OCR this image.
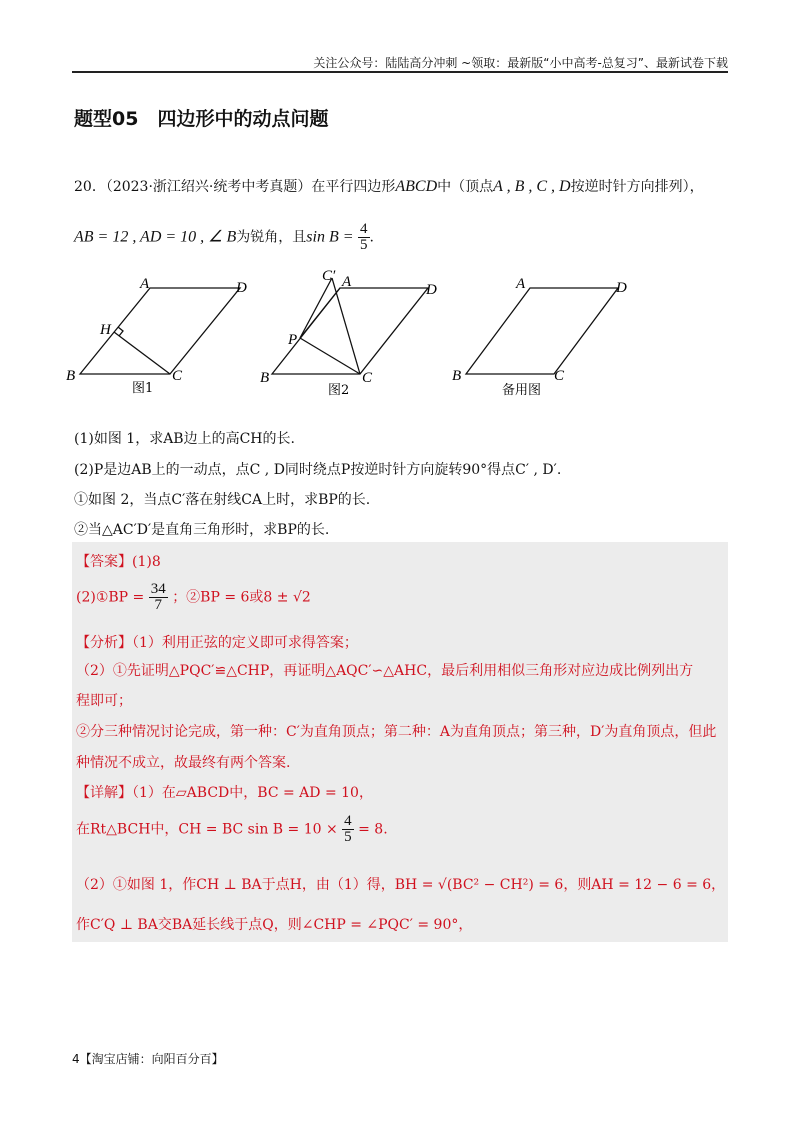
关注公众号：陆陆高分冲刺 ~领取：最新版“小中高考-总复习”、最新试卷下载
题型05　四边形中的动点问题
20．（2023·浙江绍兴·统考中考真题）在平行四边形ABCD中（顶点A , B , C , D按逆时针方向排列），
AB = 12 , AD = 10 , ∠ B为锐角，且$\sin B = \frac{4}{5}$ .
B
A	D
C
H
图1
B
A	D
C
P
C′
图2
B
A	D
C
备用图
(1)如图 1，求AB边上的高CH的长.
(2)P是边AB上的一动点，点C , D同时绕点P按逆时针方向旋转90°得点C′ , D′.
①如图 2，当点C′落在射线CA上时，求BP的长.
②当△AC′D′是直角三角形时，求BP的长.
【答案】(1)8
(2)①BP = $\frac{34}{7}$ ；②BP = 6或8 ± √2
【分析】（1）利用正弦的定义即可求得答案；
（2）①先证明△PQC′≌△CHP，再证明△AQC′∽△AHC，最后利用相似三角形对应边成比例列出方
程即可；
②分三种情况讨论完成，第一种：C′为直角顶点；第二种：A为直角顶点；第三种，D′为直角顶点，但此
种情况不成立，故最终有两个答案.
【详解】（1）在▱ABCD中，BC = AD = 10，
在Rt△BCH中，CH = BC $\sin B = 10 \times \frac{4}{5} = 8$.
（2）①如图 1，作CH ⊥ BA于点H，由（1）得，BH = √(BC² − CH²) = 6，则AH = 12 − 6 = 6，
作C′Q ⊥ BA交BA延长线于点Q，则∠CHP = ∠PQC′ = 90°，
4【淘宝店铺：向阳百分百】
